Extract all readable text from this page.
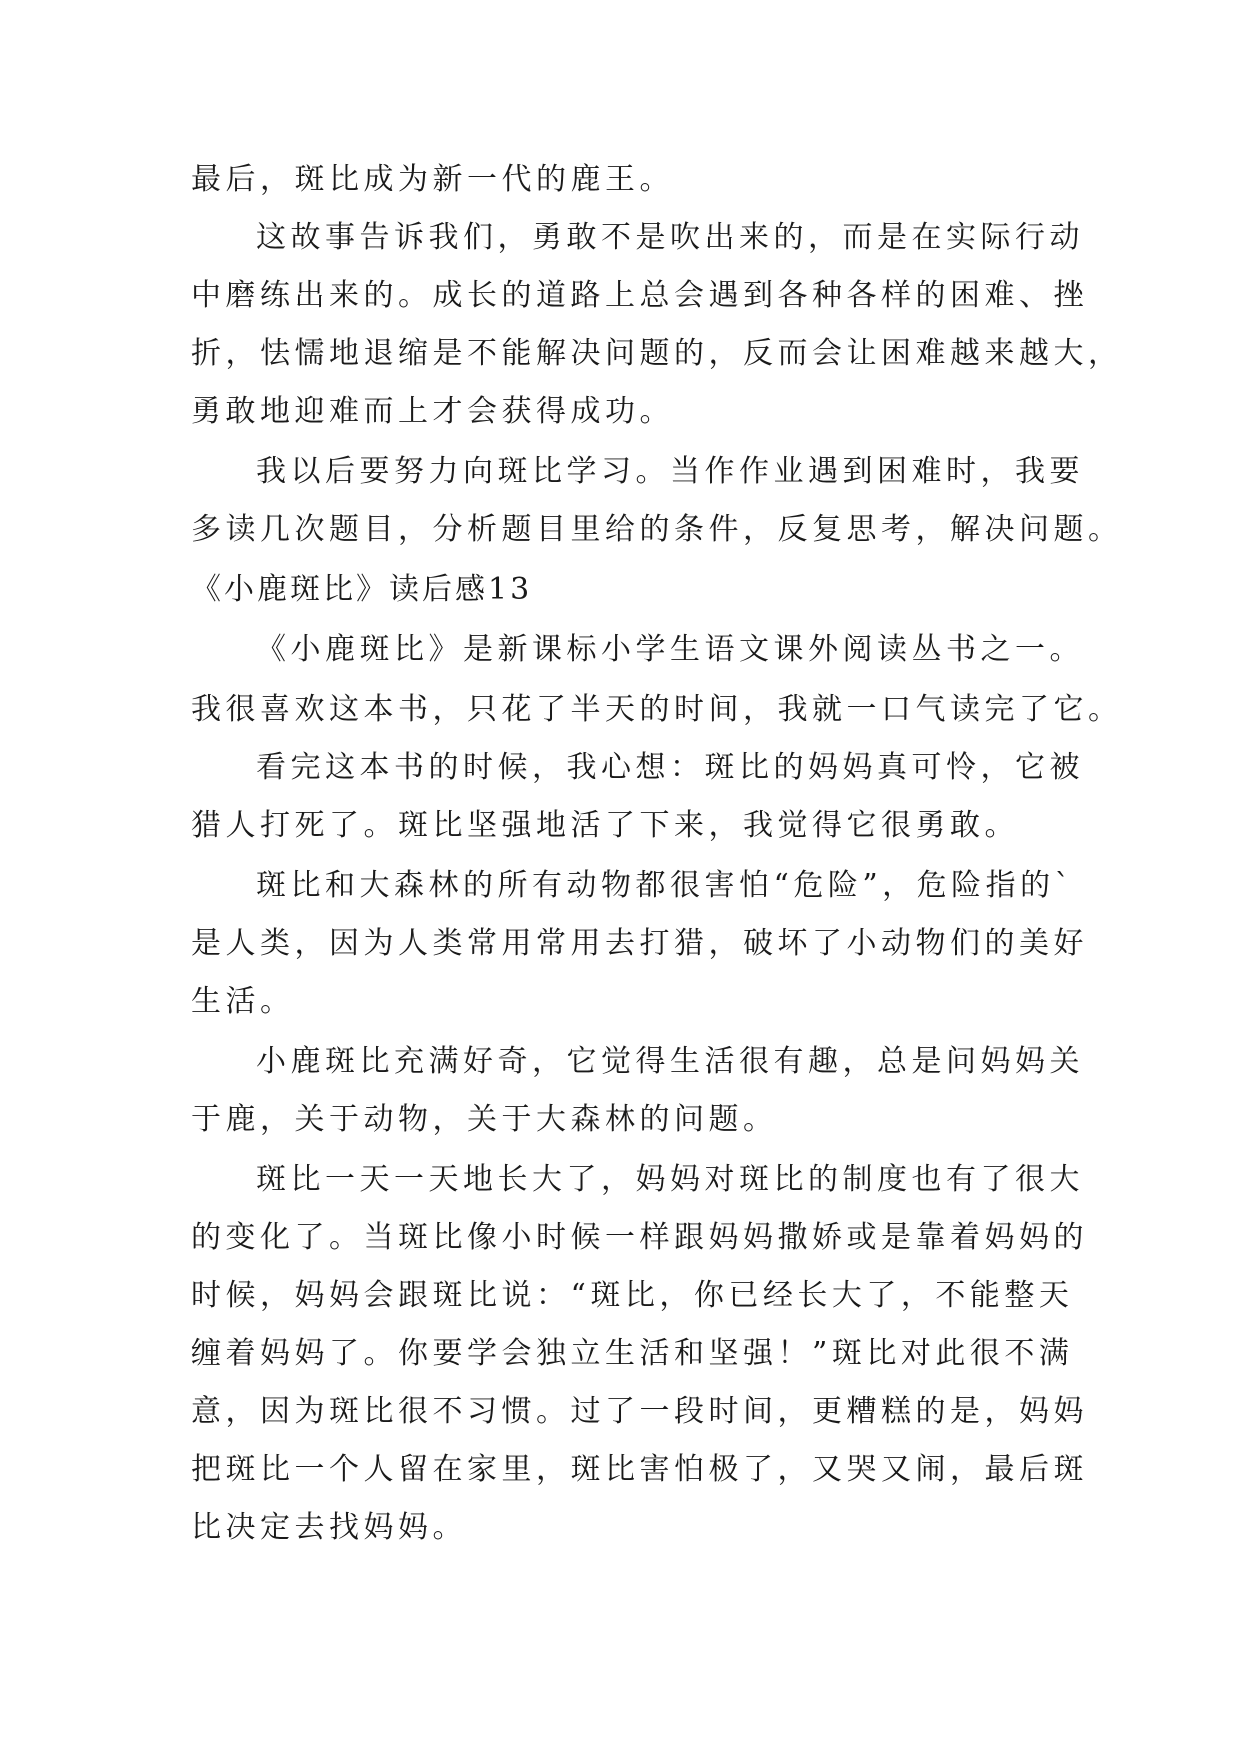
最后，斑比成为新一代的鹿王。
这故事告诉我们，勇敢不是吹出来的，而是在实际行动
中磨练出来的。成长的道路上总会遇到各种各样的困难、挫
折，怯懦地退缩是不能解决问题的，反而会让困难越来越大，
勇敢地迎难而上才会获得成功。
我以后要努力向斑比学习。当作作业遇到困难时，我要
多读几次题目，分析题目里给的条件，反复思考，解决问题。
《小鹿斑比》读后感13
《小鹿斑比》是新课标小学生语文课外阅读丛书之一。
我很喜欢这本书，只花了半天的时间，我就一口气读完了它。
看完这本书的时候，我心想：斑比的妈妈真可怜，它被
猎人打死了。斑比坚强地活了下来，我觉得它很勇敢。
斑比和大森林的所有动物都很害怕“危险”，危险指的`
是人类，因为人类常用常用去打猎，破坏了小动物们的美好
生活。
小鹿斑比充满好奇，它觉得生活很有趣，总是问妈妈关
于鹿，关于动物，关于大森林的问题。
斑比一天一天地长大了，妈妈对斑比的制度也有了很大
的变化了。当斑比像小时候一样跟妈妈撒娇或是靠着妈妈的
时候，妈妈会跟斑比说：“斑比，你已经长大了，不能整天
缠着妈妈了。你要学会独立生活和坚强！”斑比对此很不满
意，因为斑比很不习惯。过了一段时间，更糟糕的是，妈妈
把斑比一个人留在家里，斑比害怕极了，又哭又闹，最后斑
比决定去找妈妈。
